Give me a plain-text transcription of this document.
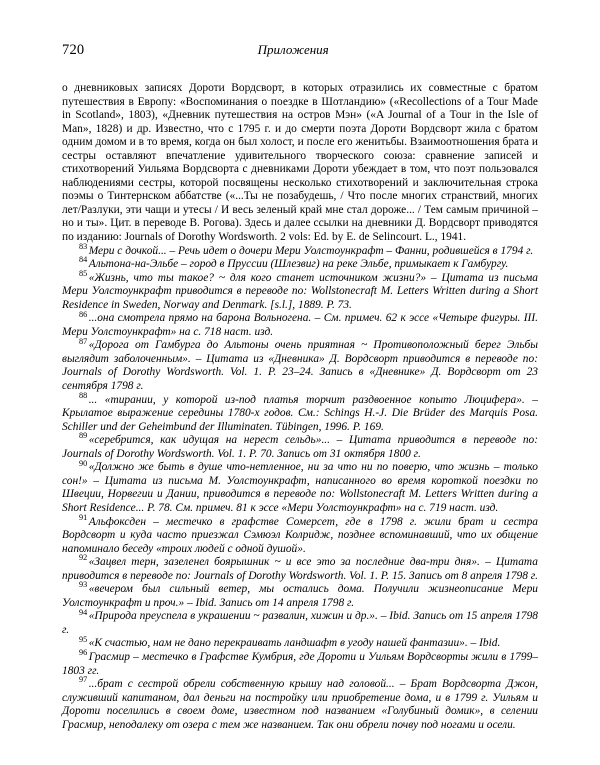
720	Приложения

о дневниковых записях Дороти Вордсворт, в которых отразились их совместные с братом путешествия в Европу: «Воспоминания о поездке в Шотландию» («Recollections of a Tour Made in Scotland», 1803), «Дневник путешествия на остров Мэн» («A Journal of a Tour in the Isle of Man», 1828) и др. Известно, что с 1795 г. и до смерти поэта Дороти Вордсворт жила с братом одним домом и в то время, когда он был холост, и после его женитьбы. Взаимоотношения брата и сестры оставляют впечатление удивительного творческого союза: сравнение записей и стихотворений Уильяма Вордсворта с дневниками Дороти убеждает в том, что поэт пользовался наблюдениями сестры, которой посвящены несколько стихотворений и заключительная строка поэмы о Тинтернском аббатстве («...Ты не позабудешь, / Что после многих странствий, многих лет/Разлуки, эти чащи и утесы / И весь зеленый край мне стал дороже... / Тем самым причиной – но и ты». Цит. в переводе В. Рогова). Здесь и далее ссылки на дневники Д. Вордсворт приводятся по изданию: Journals of Dorothy Wordsworth. 2 vols: Ed. by E. de Selincourt. L., 1941.

$^{83}$ Мери с дочкой... – Речь идет о дочери Мери Уолстоункрафт – Фанни, родившейся в 1794 г.

$^{84}$ Альтона-на-Эльбе – город в Пруссии (Шлезвиг) на реке Эльбе, примыкает к Гамбургу.

$^{85}$ «Жизнь, что ты такое? ~ для кого станет источником жизни?» – Цитата из письма Мери Уолстоункрафт приводится в переводе по: Wollstonecraft M. Letters Written during a Short Residence in Sweden, Norway and Denmark. [s.l.], 1889. P. 73.

$^{86}$ ...она смотрела прямо на барона Вольногена. – См. примеч. 62 к эссе «Четыре фигуры. III. Мери Уолстоункрафт» на с. 718 наст. изд.

$^{87}$ «Дорога от Гамбурга до Альтоны очень приятная ~ Противоположный берег Эльбы выглядит заболоченным». – Цитата из «Дневника» Д. Вордсворт приводится в переводе по: Journals of Dorothy Wordsworth. Vol. 1. P. 23–24. Запись в «Дневнике» Д. Вордсворт от 23 сентября 1798 г.

$^{88}$ ... «тирании, у которой из-под платья торчит раздвоенное копыто Люцифера». – Крылатое выражение середины 1780-х годов. См.: Schings H.-J. Die Brüder des Marquis Posa. Schiller und der Geheimbund der Illuminaten. Tübingen, 1996. P. 169.

$^{89}$ «серебрится, как идущая на нерест сельдь»... – Цитата приводится в переводе по: Journals of Dorothy Wordsworth. Vol. 1. P. 70. Запись от 31 октября 1800 г.

$^{90}$ «Должно же быть в душе что-нетленное, ни за что ни по поверю, что жизнь – только сон!» – Цитата из письма М. Уолстоункрафт, написанного во время короткой поездки по Швеции, Норвегии и Дании, приводится в переводе по: Wollstonecraft M. Letters Written during a Short Residence... P. 78. См. примеч. 81 к эссе «Мери Уолстоункрафт» на с. 719 наст. изд.

$^{91}$ Альфоксден – местечко в графстве Сомерсет, где в 1798 г. жили брат и сестра Вордсворт и куда часто приезжал Сэмюэл Колридж, позднее вспоминавший, что их общение напоминало беседу «троих людей с одной душой».

$^{92}$ «Зацвел терн, зазеленел боярышник ~ и все это за последние два-три дня». – Цитата приводится в переводе по: Journals of Dorothy Wordsworth. Vol. 1. P. 15. Запись от 8 апреля 1798 г.

$^{93}$ «вечером был сильный ветер, мы остались дома. Получили жизнеописание Мери Уолстоункрафт и проч.» – Ibid. Запись от 14 апреля 1798 г.

$^{94}$ «Природа преуспела в украшении ~ развалин, хижин и др.». – Ibid. Запись от 15 апреля 1798 г.

$^{95}$ «К счастью, нам не дано перекраивать ландшафт в угоду нашей фантазии». – Ibid.

$^{96}$ Грасмир – местечко в Графстве Кумбрия, где Дороти и Уильям Вордсворты жили в 1799–1803 гг.

$^{97}$ ...брат с сестрой обрели собственную крышу над головой... – Брат Вордсворта Джон, служивший капитаном, дал деньги на постройку или приобретение дома, и в 1799 г. Уильям и Дороти поселились в своем доме, известном под названием «Голубиный домик», в селении Грасмир, неподалеку от озера с тем же названием. Так они обрели почву под ногами и осели.
